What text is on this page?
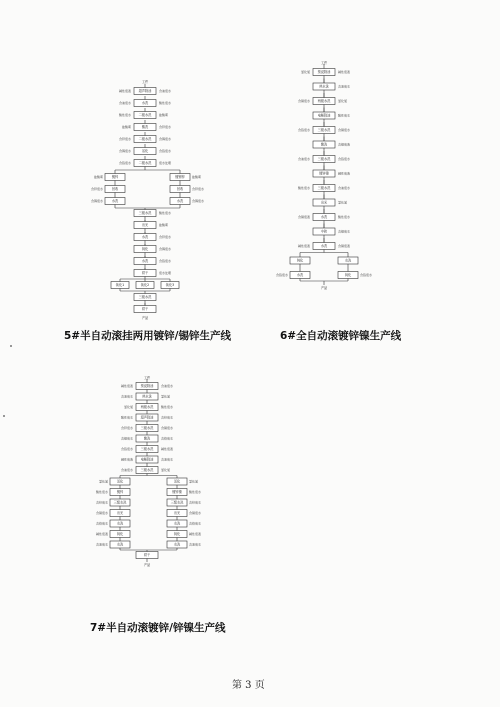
工件
超声除油
碱性废液	含油废水
水洗
含油废水	酸性废水
二级水洗
酸性废水	盐酸雾
酸洗
盐酸雾	含锌废水
二级水洗
含锌废水	含锡废水
活化
含锡废水	含铬废水
二级水洗
含铬废水	废水处理
镀锌
盐酸雾
回收
含锌废水
水洗
含锡废水
镀锡锌 盐酸雾
回收	含锌废水
水洗	含锡废水
三级水洗	酸性废水
出光	盐酸雾
水洗	含锌废水
钝化	含锡废水
水洗	含铬废水
烘干	废水处理
钝化1	钝化2	钝化3
三级水洗
烘干
产品
5#半自动滚挂两用镀锌/锡锌生产线
工件
预浸除油	碱性废液
氯化氢
热水洗	含油废水
两级水洗	氯化氢
含镍废水
电解除油	酸性废水
三级水洗	含镍废水
含铬废水
酸洗	含镍废液
三级水洗	含铬废水
含油废水
镀锌镍	碱性废液
三级水洗	含油废水
酸性废水
出光	氯化氢
水洗	酸性废水
含镍废液
中和	含镍废水
水洗	含镍废液
碱性废液
钝化	水洗
水洗
含铬废水	钝化	含铬废水
产品
6#全自动滚镀锌镍生产线
工件
预浸除油
碱性废液	含油废水
热水洗
含油废水	氯化氢
两级水洗
氯化氢	酸性废水
超声除油
酸性废水	含锌废水
三级水洗
含锌废水	含镍废水
酸洗
含镍废水	含铬废水
三级水洗
含铬废水	碱性废液
电解除油
碱性废液	含油废水
三级水洗
含油废水	氯化氢
活化
氯化氢
镀锌
酸性废水
三级水洗
含锌废水
出光
含镍废水
水洗
含铬废水
钝化
碱性废液
水洗
含油废水
活化	氯化氢
镀锌镍 酸性废水
三级水洗 含锌废水
出光	含镍废水
水洗	含铬废水
钝化	碱性废液
水洗	含油废水
烘干
产品
7#半自动滚镀锌/锌镍生产线
第 3 页
